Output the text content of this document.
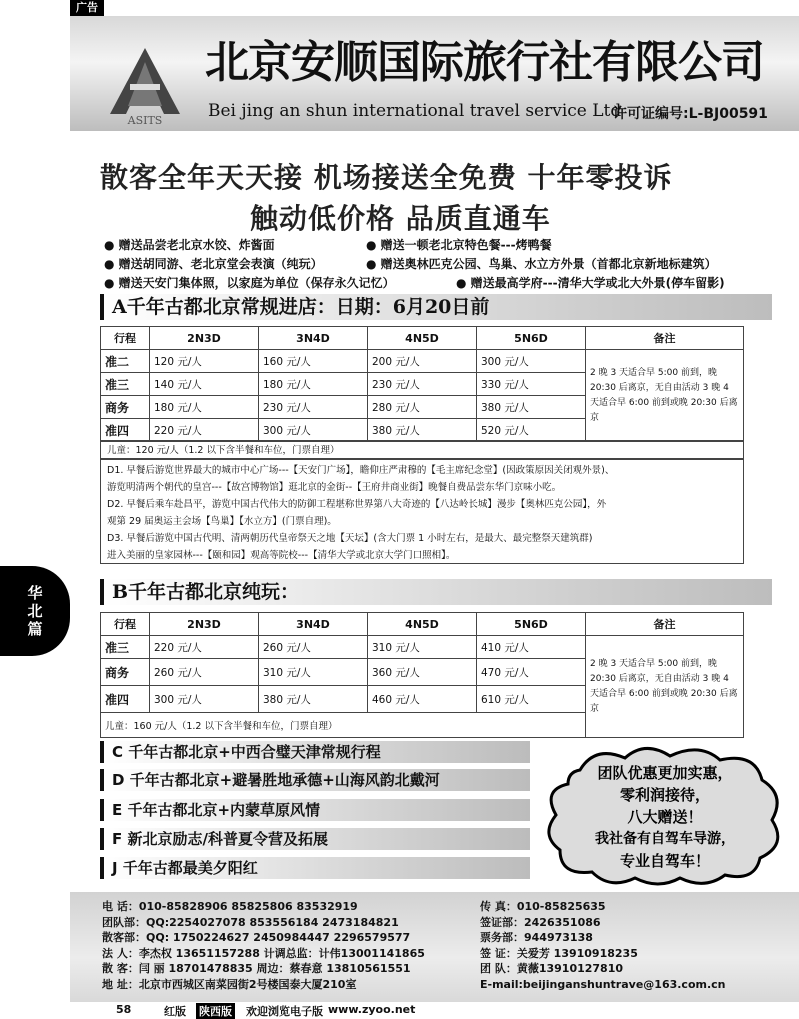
广告
ASITS
北京安顺国际旅行社有限公司
Bei jing an shun international travel service Ltd
许可证编号:L-BJ00591
散客全年天天接 机场接送全免费 十年零投诉
触动低价格 品质直通车
● 赠送品尝老北京水饺、炸酱面	● 赠送一顿老北京特色餐---烤鸭餐
● 赠送胡同游、老北京堂会表演（纯玩）	● 赠送奥林匹克公园、鸟巢、水立方外景（首都北京新地标建筑）
● 赠送天安门集体照，以家庭为单位（保存永久记忆）	● 赠送最高学府---清华大学或北大外景(停车留影)
A千年古都北京常规进店：日期：6月20日前
行程	2N3D	3N4D	4N5D	5N6D	备注
准二	120 元/人	160 元/人	200 元/人	300 元/人	2 晚 3 天适合早 5:00 前到，晚 20:30 后离京，无自由活动 3 晚 4 天适合早 6:00 前到或晚 20:30 后离京
准三	140 元/人	180 元/人	230 元/人	330 元/人	
商务	180 元/人	230 元/人	280 元/人	380 元/人	
准四	220 元/人	300 元/人	380 元/人	520 元/人	
儿童：120 元/人（1.2 以下含半餐和车位，门票自理）
D1. 早餐后游览世界最大的城市中心广场---【天安门广场】，瞻仰庄严肃穆的【毛主席纪念堂】(因政策原因关闭观外景)、
游览明清两个朝代的皇宫---【故宫博物馆】逛北京的金街--【王府井商业街】晚餐自费品尝东华门京味小吃。
D2. 早餐后乘车赴昌平，游览中国古代伟大的防御工程堪称世界第八大奇迹的【八达岭长城】漫步【奥林匹克公园】，外
观第 29 届奥运主会场【鸟巢】【水立方】(门票自理)。
D3. 早餐后游览中国古代明、清两朝历代皇帝祭天之地【天坛】(含大门票 1 小时左右，是最大、最完整祭天建筑群)
进入美丽的皇家园林---【颐和园】观高等院校---【清华大学或北京大学门口照相】。
华
北
篇
B千年古都北京纯玩：
行程	2N3D	3N4D	4N5D	5N6D	备注
准三	220 元/人	260 元/人	310 元/人	410 元/人	2 晚 3 天适合早 5:00 前到，晚 20:30 后离京，无自由活动 3 晚 4 天适合早 6:00 前到或晚 20:30 后离京
商务	260 元/人	310 元/人	360 元/人	470 元/人	
准四	300 元/人	380 元/人	460 元/人	610 元/人	
儿童：160 元/人（1.2 以下含半餐和车位，门票自理）					
C 千年古都北京+中西合璧天津常规行程
D 千年古都北京+避暑胜地承德+山海风韵北戴河
E 千年古都北京+内蒙草原风情
F 新北京励志/科普夏令营及拓展
J 千年古都最美夕阳红
团队优惠更加实惠，
零利润接待，
八大赠送！
我社备有自驾车导游，
专业自驾车！
电 话：010-85828906 85825806 83532919
团队部：QQ:2254027078 853556184 2473184821
散客部：QQ: 1750224627 2450984447 2296579577
法 人：李杰权 13651157288 计调总监：计伟13001141865
散 客：闫 丽 18701478835 周边：蔡春意 13810561551
地 址：北京市西城区南菜园街2号楼国泰大厦210室
传 真：010-85825635
签证部：2426351086
票务部：944973138
签 证：关爱芳 13910918235
团 队：黄薇13910127810
E-mail:beijinganshuntrave@163.com.cn
58	红版 陕西版 欢迎浏览电子版 www.zyoo.net
